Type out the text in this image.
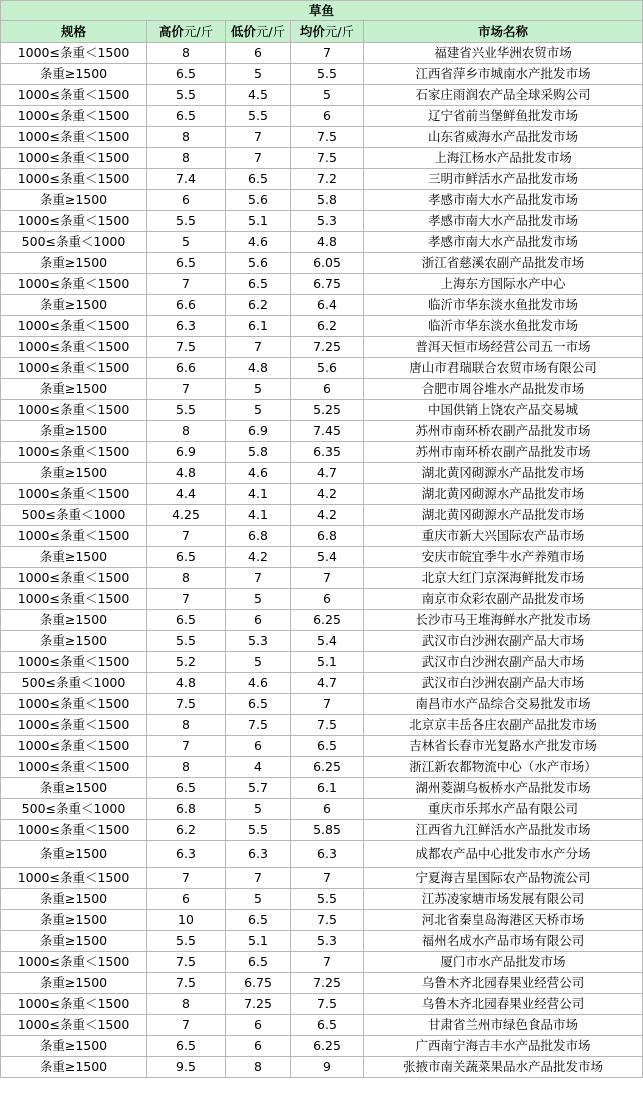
草鱼				
规格	高价元/斤	低价元/斤	均价元/斤	市场名称
1000≤条重＜1500	8	6	7	福建省兴业华洲农贸市场
条重≥1500	6.5	5	5.5	江西省萍乡市城南水产批发市场
1000≤条重＜1500	5.5	4.5	5	石家庄雨润农产品全球采购公司
1000≤条重＜1500	6.5	5.5	6	辽宁省前当堡鲜鱼批发市场
1000≤条重＜1500	8	7	7.5	山东省威海水产品批发市场
1000≤条重＜1500	8	7	7.5	上海江杨水产品批发市场
1000≤条重＜1500	7.4	6.5	7.2	三明市鲜活水产品批发市场
条重≥1500	6	5.6	5.8	孝感市南大水产品批发市场
1000≤条重＜1500	5.5	5.1	5.3	孝感市南大水产品批发市场
500≤条重＜1000	5	4.6	4.8	孝感市南大水产品批发市场
条重≥1500	6.5	5.6	6.05	浙江省慈溪农副产品批发市场
1000≤条重＜1500	7	6.5	6.75	上海东方国际水产中心
条重≥1500	6.6	6.2	6.4	临沂市华东淡水鱼批发市场
1000≤条重＜1500	6.3	6.1	6.2	临沂市华东淡水鱼批发市场
1000≤条重＜1500	7.5	7	7.25	普洱天恒市场经营公司五一市场
1000≤条重＜1500	6.6	4.8	5.6	唐山市君瑞联合农贸市场有限公司
条重≥1500	7	5	6	合肥市周谷堆水产品批发市场
1000≤条重＜1500	5.5	5	5.25	中国供销上饶农产品交易城
条重≥1500	8	6.9	7.45	苏州市南环桥农副产品批发市场
1000≤条重＜1500	6.9	5.8	6.35	苏州市南环桥农副产品批发市场
条重≥1500	4.8	4.6	4.7	湖北黄冈砌源水产品批发市场
1000≤条重＜1500	4.4	4.1	4.2	湖北黄冈砌源水产品批发市场
500≤条重＜1000	4.25	4.1	4.2	湖北黄冈砌源水产品批发市场
1000≤条重＜1500	7	6.8	6.8	重庆市新大兴国际农产品市场
条重≥1500	6.5	4.2	5.4	安庆市皖宜季牛水产养殖市场
1000≤条重＜1500	8	7	7	北京大红门京深海鲜批发市场
1000≤条重＜1500	7	5	6	南京市众彩农副产品批发市场
条重≥1500	6.5	6	6.25	长沙市马王堆海鲜水产批发市场
条重≥1500	5.5	5.3	5.4	武汉市白沙洲农副产品大市场
1000≤条重＜1500	5.2	5	5.1	武汉市白沙洲农副产品大市场
500≤条重＜1000	4.8	4.6	4.7	武汉市白沙洲农副产品大市场
1000≤条重＜1500	7.5	6.5	7	南昌市水产品综合交易批发市场
1000≤条重＜1500	8	7.5	7.5	北京京丰岳各庄农副产品批发市场
1000≤条重＜1500	7	6	6.5	吉林省长春市光复路水产批发市场
1000≤条重＜1500	8	4	6.25	浙江新农都物流中心（水产市场）
条重≥1500	6.5	5.7	6.1	湖州菱湖乌板桥水产品批发市场
500≤条重＜1000	6.8	5	6	重庆市乐邦水产品有限公司
1000≤条重＜1500	6.2	5.5	5.85	江西省九江鲜活水产品批发市场
条重≥1500	6.3	6.3	6.3	成都农产品中心批发市水产分场
1000≤条重＜1500	7	7	7	宁夏海吉星国际农产品物流公司
条重≥1500	6	5	5.5	江苏凌家塘市场发展有限公司
条重≥1500	10	6.5	7.5	河北省秦皇岛海港区天桥市场
条重≥1500	5.5	5.1	5.3	福州名成水产品市场有限公司
1000≤条重＜1500	7.5	6.5	7	厦门市水产品批发市场
条重≥1500	7.5	6.75	7.25	乌鲁木齐北园春果业经营公司
1000≤条重＜1500	8	7.25	7.5	乌鲁木齐北园春果业经营公司
1000≤条重＜1500	7	6	6.5	甘肃省兰州市绿色食品市场
条重≥1500	6.5	6	6.25	广西南宁海吉丰水产品批发市场
条重≥1500	9.5	8	9	张掖市南关蔬菜果品水产品批发市场
